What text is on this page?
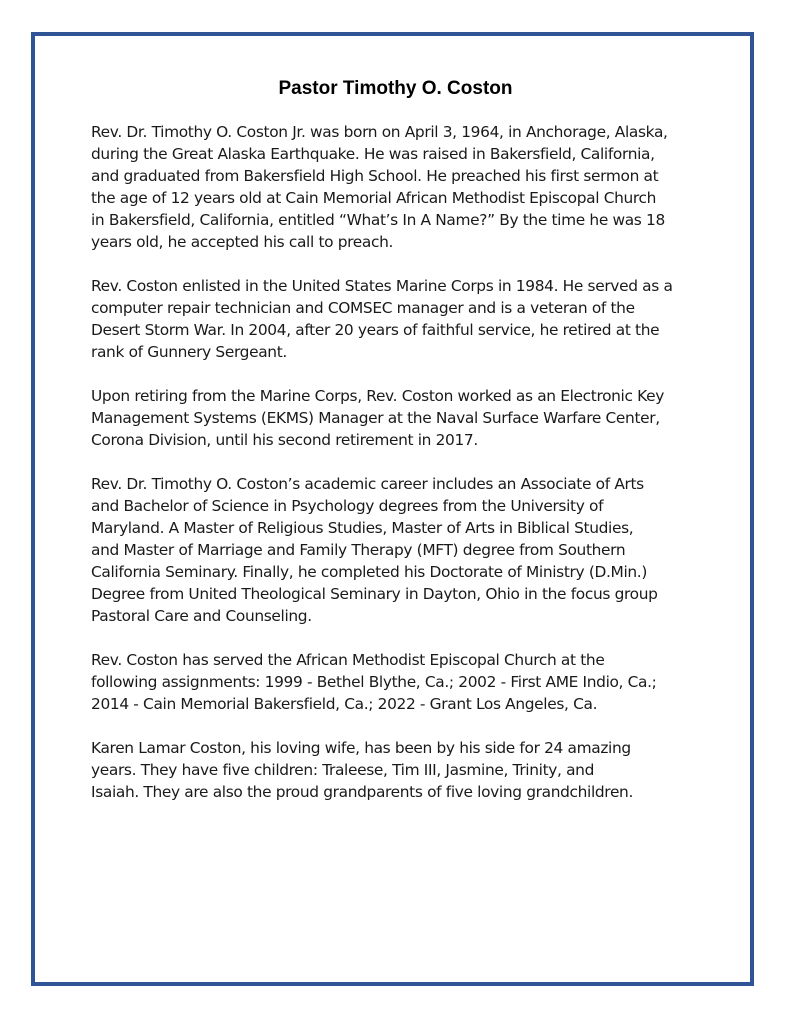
Pastor Timothy O. Coston

Rev. Dr. Timothy O. Coston Jr. was born on April 3, 1964, in Anchorage, Alaska,
during the Great Alaska Earthquake. He was raised in Bakersfield, California,
and graduated from Bakersfield High School. He preached his first sermon at
the age of 12 years old at Cain Memorial African Methodist Episcopal Church
in Bakersfield, California, entitled “What’s In A Name?” By the time he was 18
years old, he accepted his call to preach.

Rev. Coston enlisted in the United States Marine Corps in 1984. He served as a
computer repair technician and COMSEC manager and is a veteran of the
Desert Storm War. In 2004, after 20 years of faithful service, he retired at the
rank of Gunnery Sergeant.

Upon retiring from the Marine Corps, Rev. Coston worked as an Electronic Key
Management Systems (EKMS) Manager at the Naval Surface Warfare Center,
Corona Division, until his second retirement in 2017.

Rev. Dr. Timothy O. Coston’s academic career includes an Associate of Arts
and Bachelor of Science in Psychology degrees from the University of
Maryland. A Master of Religious Studies, Master of Arts in Biblical Studies,
and Master of Marriage and Family Therapy (MFT) degree from Southern
California Seminary. Finally, he completed his Doctorate of Ministry (D.Min.)
Degree from United Theological Seminary in Dayton, Ohio in the focus group
Pastoral Care and Counseling.

Rev. Coston has served the African Methodist Episcopal Church at the
following assignments: 1999 - Bethel Blythe, Ca.; 2002 - First AME Indio, Ca.;
2014 - Cain Memorial Bakersfield, Ca.; 2022 - Grant Los Angeles, Ca.

Karen Lamar Coston, his loving wife, has been by his side for 24 amazing
years. They have five children: Traleese, Tim III, Jasmine, Trinity, and
Isaiah. They are also the proud grandparents of five loving grandchildren.
